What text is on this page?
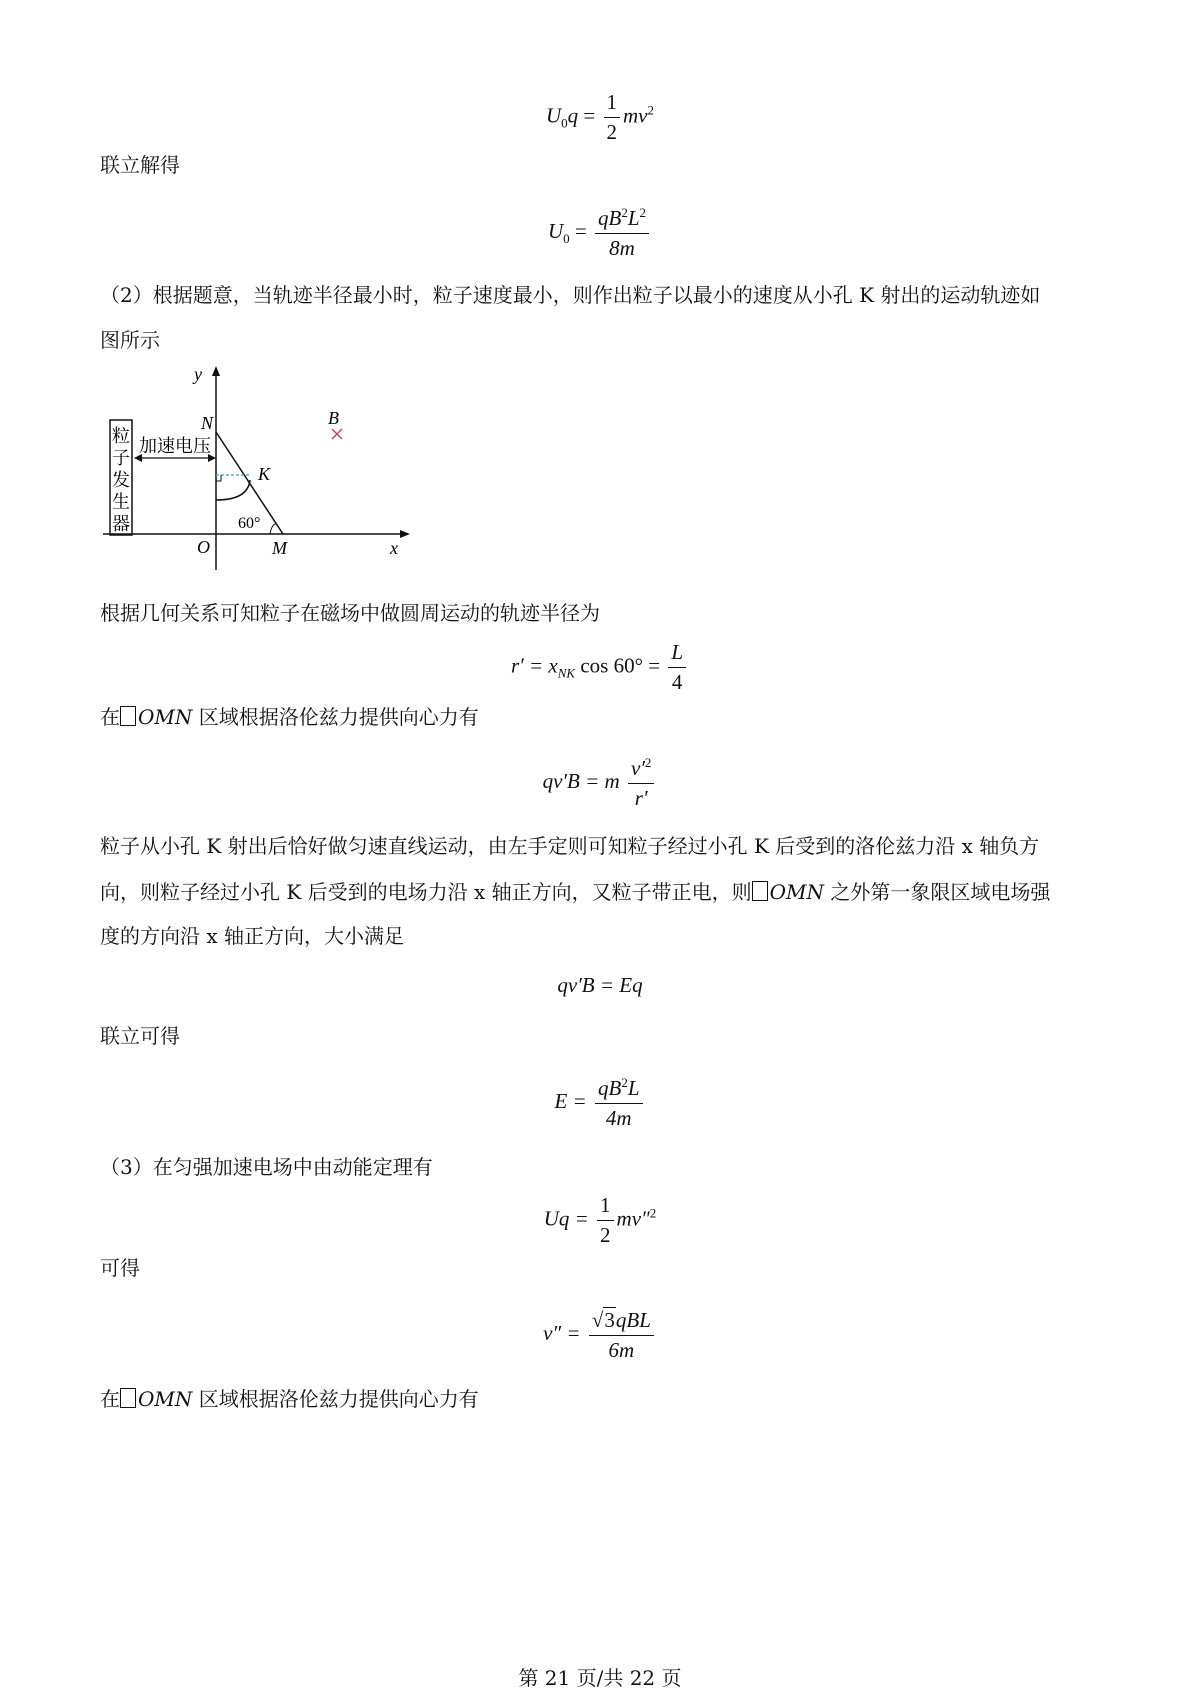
$U_0q = \frac{1}{2} mv^2$
联立解得
$U_0 = \frac{qB^2L^2}{8m}$
（2）根据题意，当轨迹半径最小时，粒子速度最小，则作出粒子以最小的速度从小孔 K 射出的运动轨迹如
图所示
粒
子
发
生
器
加速电压
y
N	B
K
60°
O	M	x
根据几何关系可知粒子在磁场中做圆周运动的轨迹半径为
$r' = x_{NK}$ $\cos 60^\circ = \frac{L}{4}$
在 OMN 区域根据洛伦兹力提供向心力有
qv′B = m $\frac{v'^2}{r'}$
粒子从小孔 K 射出后恰好做匀速直线运动，由左手定则可知粒子经过小孔 K 后受到的洛伦兹力沿 x 轴负方
向，则粒子经过小孔 K 后受到的电场力沿 x 轴正方向，又粒子带正电，则 OMN 之外第一象限区域电场强
度的方向沿 x 轴正方向，大小满足
qv′B = Eq
联立可得
$E = \frac{qB^2L}{4m}$
（3）在匀强加速电场中由动能定理有
$Uq = \frac{1}{2} mv''^2$
可得
$v'' = \frac{\text{√3qBL}}{6m}$
在 OMN 区域根据洛伦兹力提供向心力有
第 21 页/共 22 页
